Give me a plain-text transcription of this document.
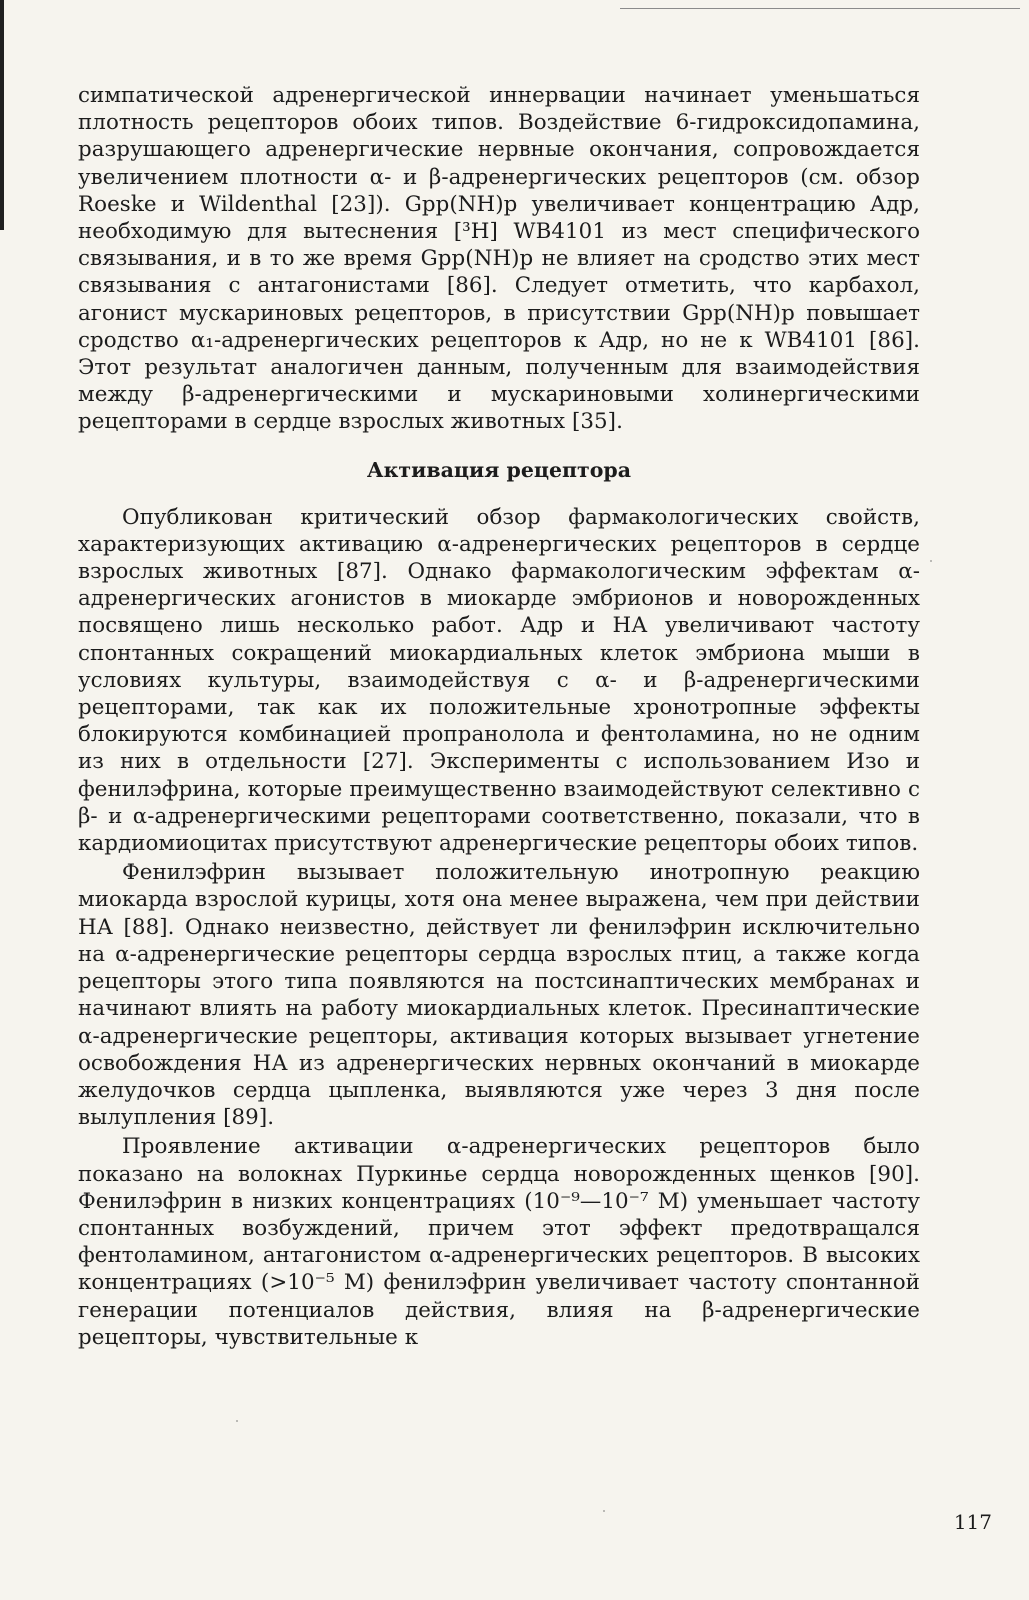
симпатической адренергической иннервации начинает уменьшаться плотность рецепторов обоих типов. Воздействие 6-гидроксидопамина, разрушающего адренергические нервные окончания, сопровождается увеличением плотности α- и β-адренергических рецепторов (см. обзор Roeske и Wildenthal [23]). Gpp(NH)p увеличивает концентрацию Адр, необходимую для вытеснения [³H] WB4101 из мест специфического связывания, и в то же время Gpp(NH)p не влияет на сродство этих мест связывания с антагонистами [86]. Следует отметить, что карбахол, агонист мускариновых рецепторов, в присутствии Gpp(NH)p повышает сродство α₁-адренергических рецепторов к Адр, но не к WB4101 [86]. Этот результат аналогичен данным, полученным для взаимодействия между β-адренергическими и мускариновыми холинергическими рецепторами в сердце взрослых животных [35].

Активация рецептора

Опубликован критический обзор фармакологических свойств, характеризующих активацию α-адренергических рецепторов в сердце взрослых животных [87]. Однако фармакологическим эффектам α-адренергических агонистов в миокарде эмбрионов и новорожденных посвящено лишь несколько работ. Адр и НА увеличивают частоту спонтанных сокращений миокардиальных клеток эмбриона мыши в условиях культуры, взаимодействуя с α- и β-адренергическими рецепторами, так как их положительные хронотропные эффекты блокируются комбинацией пропранолола и фентоламина, но не одним из них в отдельности [27]. Эксперименты с использованием Изо и фенилэфрина, которые преимущественно взаимодействуют селективно с β- и α-адренергическими рецепторами соответственно, показали, что в кардиомиоцитах присутствуют адренергические рецепторы обоих типов.

Фенилэфрин вызывает положительную инотропную реакцию миокарда взрослой курицы, хотя она менее выражена, чем при действии НА [88]. Однако неизвестно, действует ли фенилэфрин исключительно на α-адренергические рецепторы сердца взрослых птиц, а также когда рецепторы этого типа появляются на постсинаптических мембранах и начинают влиять на работу миокардиальных клеток. Пресинаптические α-адренергические рецепторы, активация которых вызывает угнетение освобождения НА из адренергических нервных окончаний в миокарде желудочков сердца цыпленка, выявляются уже через 3 дня после вылупления [89].

Проявление активации α-адренергических рецепторов было показано на волокнах Пуркинье сердца новорожденных щенков [90]. Фенилэфрин в низких концентрациях (10⁻⁹—10⁻⁷ М) уменьшает частоту спонтанных возбуждений, причем этот эффект предотвращался фентоламином, антагонистом α-адренергических рецепторов. В высоких концентрациях (>10⁻⁵ М) фенилэфрин увеличивает частоту спонтанной генерации потенциалов действия, влияя на β-адренергические рецепторы, чувствительные к

117
